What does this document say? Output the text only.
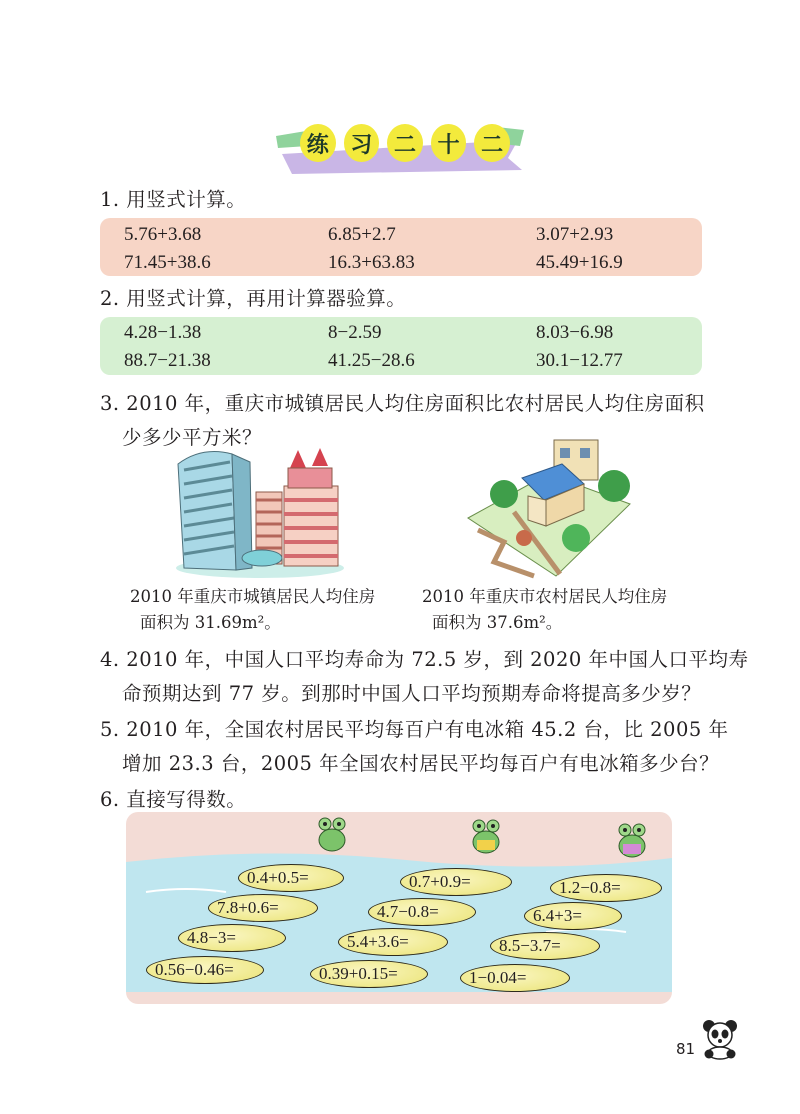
练 习 二 十 二
1. 用竖式计算。
5.76+3.68	6.85+2.7	3.07+2.93
71.45+38.6	16.3+63.83	45.49+16.9
2. 用竖式计算，再用计算器验算。
4.28−1.38	8−2.59	8.03−6.98
88.7−21.38	41.25−28.6	30.1−12.77
3. 2010 年，重庆市城镇居民人均住房面积比农村居民人均住房面积
少多少平方米？
2010 年重庆市城镇居民人均住房
面积为 31.69m²。
2010 年重庆市农村居民人均住房
面积为 37.6m²。
4. 2010 年，中国人口平均寿命为 72.5 岁，到 2020 年中国人口平均寿
命预期达到 77 岁。到那时中国人口平均预期寿命将提高多少岁？
5. 2010 年，全国农村居民平均每百户有电冰箱 45.2 台，比 2005 年
增加 23.3 台，2005 年全国农村居民平均每百户有电冰箱多少台？
6. 直接写得数。
0.4+0.5=	0.7+0.9=	1.2−0.8=
7.8+0.6=	4.7−0.8=	6.4+3=
4.8−3=	5.4+3.6=	8.5−3.7=
0.56−0.46=	0.39+0.15=	1−0.04=
81
